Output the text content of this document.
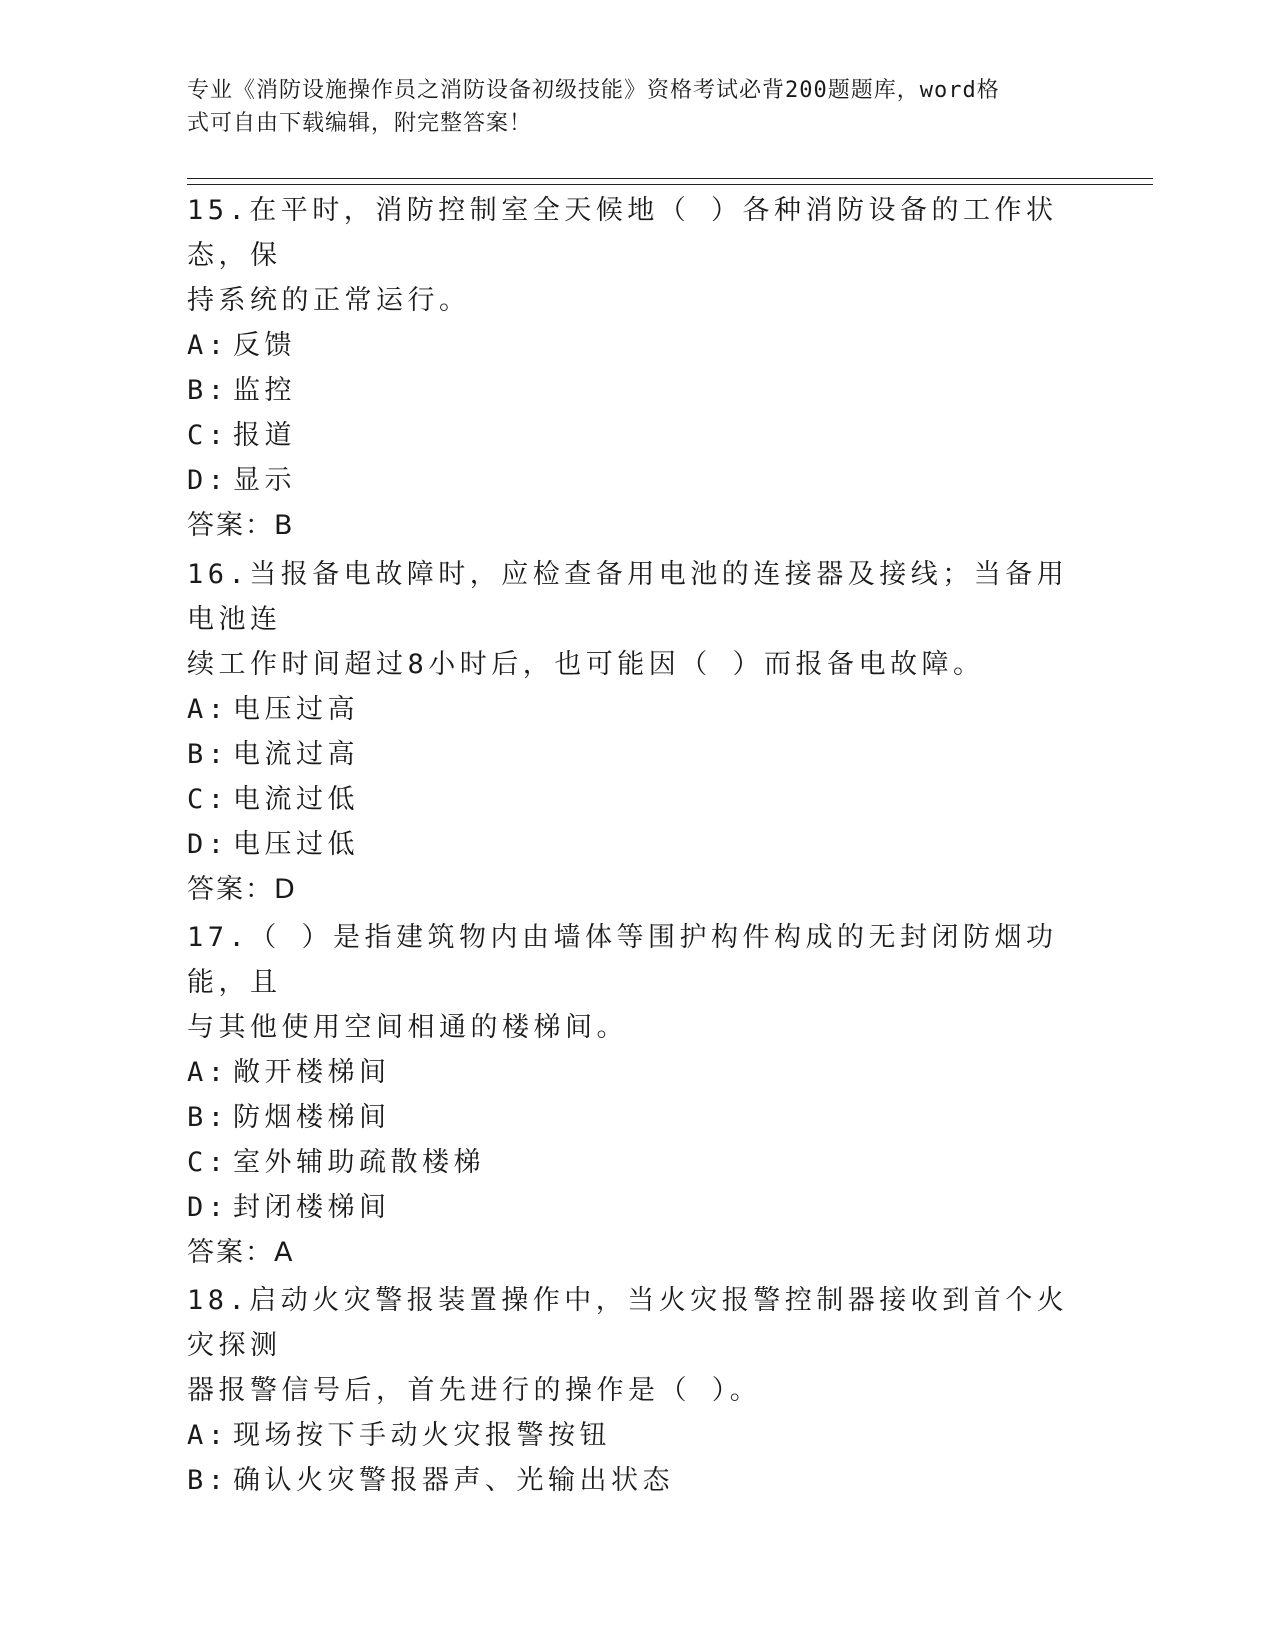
专业《消防设施操作员之消防设备初级技能》资格考试必背200题题库，word格
式可自由下载编辑，附完整答案！
15.在平时，消防控制室全天候地（ ）各种消防设备的工作状态，保
持系统的正常运行。
A: 反馈
B: 监控
C: 报道
D: 显示
答案：B
16.当报备电故障时，应检查备用电池的连接器及接线；当备用电池连
续工作时间超过8小时后，也可能因（ ）而报备电故障。
A: 电压过高
B: 电流过高
C: 电流过低
D: 电压过低
答案：D
17.（ ）是指建筑物内由墙体等围护构件构成的无封闭防烟功能，且
与其他使用空间相通的楼梯间。
A: 敞开楼梯间
B: 防烟楼梯间
C: 室外辅助疏散楼梯
D: 封闭楼梯间
答案：A
18.启动火灾警报装置操作中，当火灾报警控制器接收到首个火灾探测
器报警信号后，首先进行的操作是（ ）。
A: 现场按下手动火灾报警按钮
B: 确认火灾警报器声、光输出状态
